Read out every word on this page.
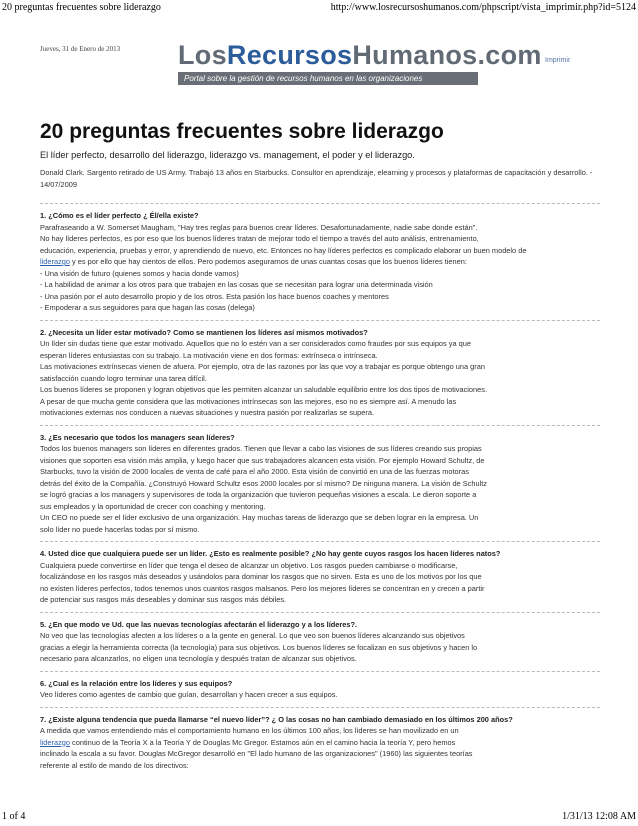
20 preguntas frecuentes sobre liderazgo	http://www.losrecursoshumanos.com/phpscript/vista_imprimir.php?id=5124
Jueves, 31 de Enero de 2013 LosRecursosHumanos.com
Portal sobre la gestión de recursos humanos en las organizaciones
Imprimir
20 preguntas frecuentes sobre liderazgo
El líder perfecto, desarrollo del liderazgo, liderazgo vs. management, el poder y el liderazgo.
Donald Clark. Sargento retirado de US Army. Trabajó 13 años en Starbucks. Consultor en aprendizaje, elearning y procesos y plataformas de capacitación y desarrollo. - 14/07/2009
1. ¿Cómo es el líder perfecto ¿ Él/ella existe?

Parafraseando a W. Somerset Maugham, "Hay tres reglas para buenos crear líderes. Desafortunadamente, nadie sabe donde están".

No hay líderes perfectos, es por eso que los buenos líderes tratan de mejorar todo el tiempo a través del auto análisis, entrenamiento,

educación, experiencia, pruebas y error, y aprendiendo de nuevo, etc. Entonces no hay líderes perfectos es complicado elaborar un buen modelo de

liderazgo y es por ello que hay cientos de ellos. Pero podemos asegurarnos de unas cuantas cosas que los buenos líderes tienen:

- Una visión de futuro (quienes somos y hacia donde vamos)

- La habilidad de animar a los otros para que trabajen en las cosas que se necesitan para lograr una determinada visión

- Una pasión por el auto desarrollo propio y de los otros. Esta pasión los hace buenos coaches y mentores

- Empoderar a sus seguidores para que hagan las cosas (delega)

2. ¿Necesita un líder estar motivado? Como se mantienen los líderes así mismos motivados?

Un líder sin dudas tiene que estar motivado. Aquellos que no lo estén van a ser considerados como fraudes por sus equipos ya que

esperan líderes entusiastas con su trabajo. La motivación viene en dos formas: extrínseca o intrínseca.

Las motivaciones extrínsecas vienen de afuera. Por ejemplo, otra de las razones por las que voy a trabajar es porque obtengo una gran

satisfacción cuando logro terminar una tarea difícil.

Los buenos líderes se proponen y logran objetivos que les permiten alcanzar un saludable equilibrio entre los dos tipos de motivaciones.

A pesar de que mucha gente considera que las motivaciones intrínsecas son las mejores, eso no es siempre así. A menudo las

motivaciones externas nos conducen a nuevas situaciones y nuestra pasión por realizarlas se supera.

3. ¿Es necesario que todos los managers sean líderes?

Todos los buenos managers son líderes en diferentes grados. Tienen que llevar a cabo las visiones de sus líderes creando sus propias

visiones que soporten esa visión más amplia, y luego hacer que sus trabajadores alcancen esta visión. Por ejemplo Howard Schultz, de

Starbucks, tuvo la visión de 2000 locales de venta de café para el año 2000. Esta visión de convirtió en una de las fuerzas motoras

detrás del éxito de la Compañía. ¿Construyó Howard Schultz esos 2000 locales por sí mismo? De ninguna manera. La visión de Schultz

se logró gracias a los managers y supervisores de toda la organización que tuvieron pequeñas visiones a escala. Le dieron soporte a

sus empleados y la oportunidad de crecer con coaching y mentoring.

Un CEO no puede ser el líder exclusivo de una organización. Hay muchas tareas de liderazgo que se deben lograr en la empresa. Un

solo líder no puede hacerlas todas por sí mismo.

4. Usted dice que cualquiera puede ser un líder. ¿Esto es realmente posible? ¿No hay gente cuyos rasgos los hacen líderes natos?

Cualquiera puede convertirse en líder que tenga el deseo de alcanzar un objetivo. Los rasgos pueden cambiarse o modificarse,

focalizándose en los rasgos más deseados y usándolos para dominar los rasgos que no sirven. Esta es uno de los motivos por los que

no existen líderes perfectos, todos tenemos unos cuantos rasgos malsanos. Pero los mejores líderes se concentran en y crecen a partir

de potenciar sus rasgos más deseables y dominar sus rasgos más débiles.

5. ¿En que modo ve Ud. que las nuevas tecnologías afectarán el liderazgo y a los líderes?.

No veo que las tecnologías afecten a los líderes o a la gente en general. Lo que veo son buenos líderes alcanzando sus objetivos

gracias a elegir la herramienta correcta (la tecnología) para sus objetivos. Los buenos líderes se focalizan en sus objetivos y hacen lo

necesario para alcanzarlos, no eligen una tecnología y después tratan de alcanzar sus objetivos.

6. ¿Cual es la relación entre los líderes y sus equipos?

Veo líderes como agentes de cambio que guían, desarrollan y hacen crecer a sus equipos.

7. ¿Existe alguna tendencia que pueda llamarse “el nuevo líder”? ¿ O las cosas no han cambiado demasiado en los últimos 200 años?

A medida que vamos entendiendo más el comportamiento humano en los últimos 100 años, los líderes se han movilizado en un

liderazgo continuo de la Teoría X a la Teoría Y de Douglas Mc Gregor. Estamos aún en el camino hacia la teoría Y, pero hemos

inclinado la escala a su favor. Douglas McGregor desarrolló en "El lado humano de las organizaciones" (1960) las siguientes teorías

referente al estilo de mando de los directivos:

1 of 4	1/31/13 12:08 AM
